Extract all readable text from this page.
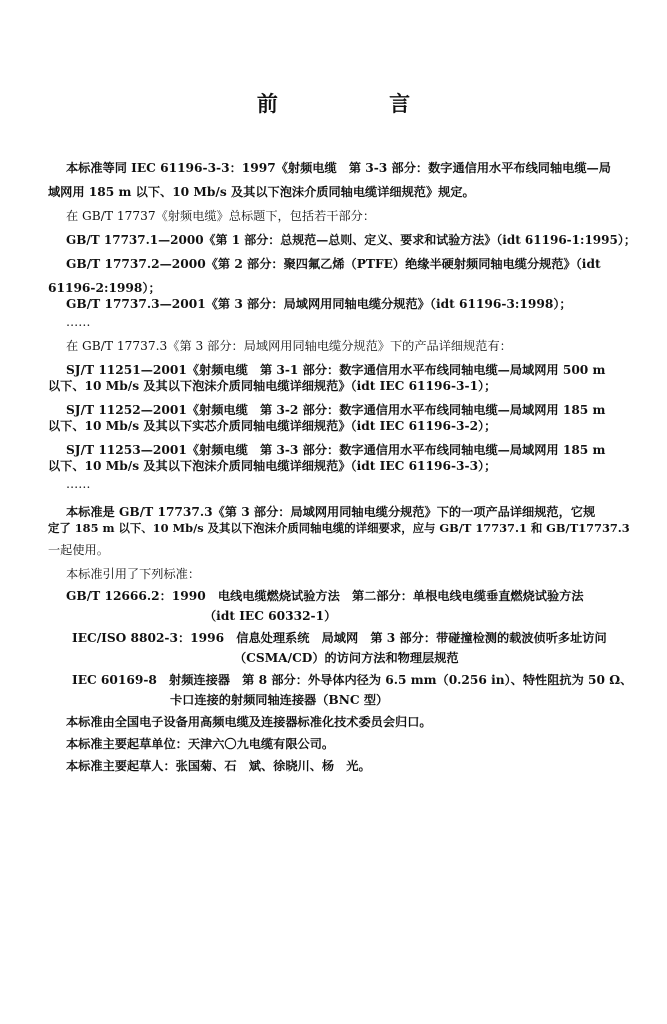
前 言
本标准等同 IEC 61196-3-3：1997《射频电缆　第 3-3 部分：数字通信用水平布线同轴电缆—局
域网用 185 m 以下、10 Mb/s 及其以下泡沫介质同轴电缆详细规范》规定。
在 GB/T 17737《射频电缆》总标题下，包括若干部分：
GB/T 17737.1—2000《第 1 部分：总规范—总则、定义、要求和试验方法》（idt 61196-1:1995）；
GB/T 17737.2—2000《第 2 部分：聚四氟乙烯（PTFE）绝缘半硬射频同轴电缆分规范》（idt
61196-2:1998）；
GB/T 17737.3—2001《第 3 部分：局域网用同轴电缆分规范》（idt 61196-3:1998）；
……
在 GB/T 17737.3《第 3 部分：局域网用同轴电缆分规范》下的产品详细规范有：
SJ/T 11251—2001《射频电缆　第 3-1 部分：数字通信用水平布线同轴电缆—局域网用 500 m
以下、10 Mb/s 及其以下泡沫介质同轴电缆详细规范》（idt IEC 61196-3-1）；
SJ/T 11252—2001《射频电缆　第 3-2 部分：数字通信用水平布线同轴电缆—局域网用 185 m
以下、10 Mb/s 及其以下实芯介质同轴电缆详细规范》（idt IEC 61196-3-2）；
SJ/T 11253—2001《射频电缆　第 3-3 部分：数字通信用水平布线同轴电缆—局域网用 185 m
以下、10 Mb/s 及其以下泡沫介质同轴电缆详细规范》（idt IEC 61196-3-3）；
……
本标准是 GB/T 17737.3《第 3 部分：局域网用同轴电缆分规范》下的一项产品详细规范，它规
定了 185 m 以下、10 Mb/s 及其以下泡沫介质同轴电缆的详细要求，应与 GB/T 17737.1 和 GB/T17737.3
一起使用。
本标准引用了下列标准：
GB/T 12666.2：1990　电线电缆燃烧试验方法　第二部分：单根电线电缆垂直燃烧试验方法
（idt IEC 60332-1）
IEC/ISO 8802-3：1996　信息处理系统　局域网　第 3 部分：带碰撞检测的载波侦听多址访问
（CSMA/CD）的访问方法和物理层规范
IEC 60169-8　射频连接器　第 8 部分：外导体内径为 6.5 mm（0.256 in）、特性阻抗为 50 Ω、
卡口连接的射频同轴连接器（BNC 型）
本标准由全国电子设备用高频电缆及连接器标准化技术委员会归口。
本标准主要起草单位：天津六〇九电缆有限公司。
本标准主要起草人：张国菊、石　斌、徐晓川、杨　光。
